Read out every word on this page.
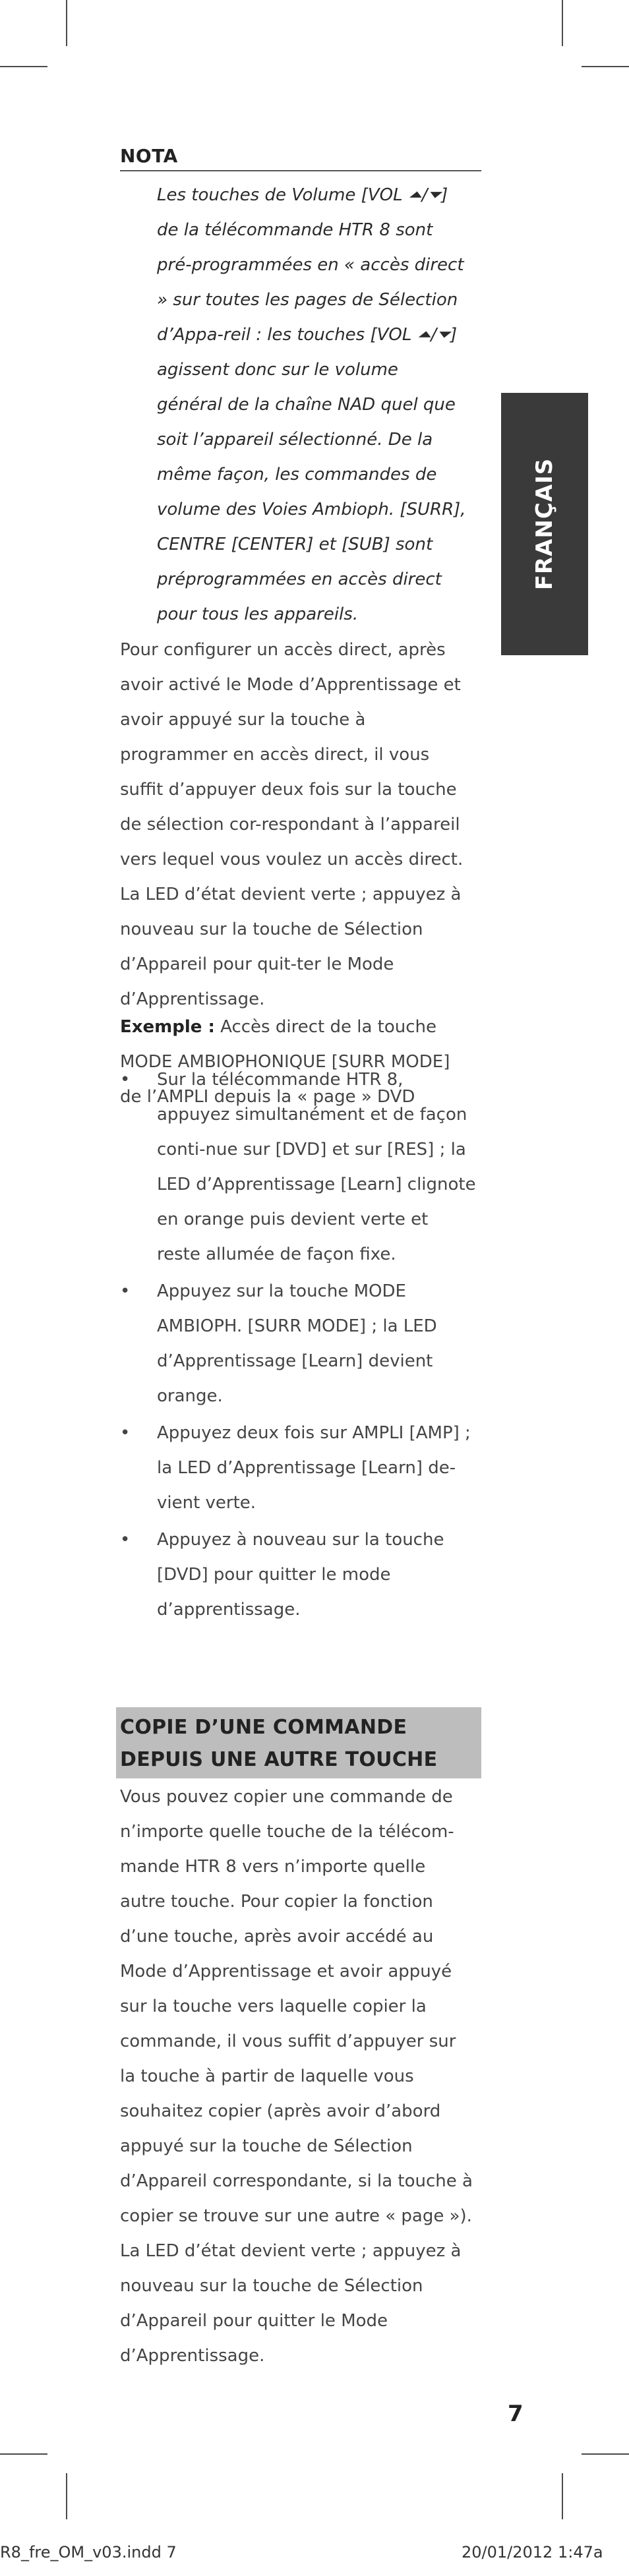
NOTA

Les touches de Volume [VOL ⏶/⏷] de la télécommande HTR 8 sont pré-programmées en « accès direct » sur toutes les pages de Sélection d’Appa-reil : les touches [VOL ⏶/⏷] agissent donc sur le volume général de la chaîne NAD quel que soit l’appareil sélectionné. De la même façon, les commandes de volume des Voies Ambioph. [SURR], CENTRE [CENTER] et [SUB] sont préprogrammées en accès direct pour tous les appareils.

FRANÇAIS

Pour configurer un accès direct, après avoir activé le Mode d’Apprentissage et avoir appuyé sur la touche à programmer en accès direct, il vous suffit d’appuyer deux fois sur la touche de sélection cor-respondant à l’appareil vers lequel vous voulez un accès direct. La LED d’état devient verte ; appuyez à nouveau sur la touche de Sélection d’Appareil pour quit-ter le Mode d’Apprentissage.

Exemple : Accès direct de la touche MODE AMBIOPHONIQUE [SURR MODE] de l’AMPLI depuis la « page » DVD

• Sur la télécommande HTR 8, appuyez simultanément et de façon conti-nue sur [DVD] et sur [RES] ; la LED d’Apprentissage [Learn] clignote en orange puis devient verte et reste allumée de façon fixe.
• Appuyez sur la touche MODE AMBIOPH. [SURR MODE] ; la LED d’Apprentissage [Learn] devient orange.
• Appuyez deux fois sur AMPLI [AMP] ; la LED d’Apprentissage [Learn] de-vient verte.
• Appuyez à nouveau sur la touche [DVD] pour quitter le mode d’apprentissage.
COPIE D’UNE COMMANDE DEPUIS UNE AUTRE TOUCHE

Vous pouvez copier une commande de n’importe quelle touche de la télécom-mande HTR 8 vers n’importe quelle autre touche. Pour copier la fonction d’une touche, après avoir accédé au Mode d’Apprentissage et avoir appuyé sur la touche vers laquelle copier la commande, il vous suffit d’appuyer sur la touche à partir de laquelle vous souhaitez copier (après avoir d’abord appuyé sur la touche de Sélection d’Appareil correspondante, si la touche à copier se trouve sur une autre « page »). La LED d’état devient verte ; appuyez à nouveau sur la touche de Sélection d’Appareil pour quitter le Mode d’Apprentissage.

7
R8_fre_OM_v03.indd 7	20/01/2012 1:47a
